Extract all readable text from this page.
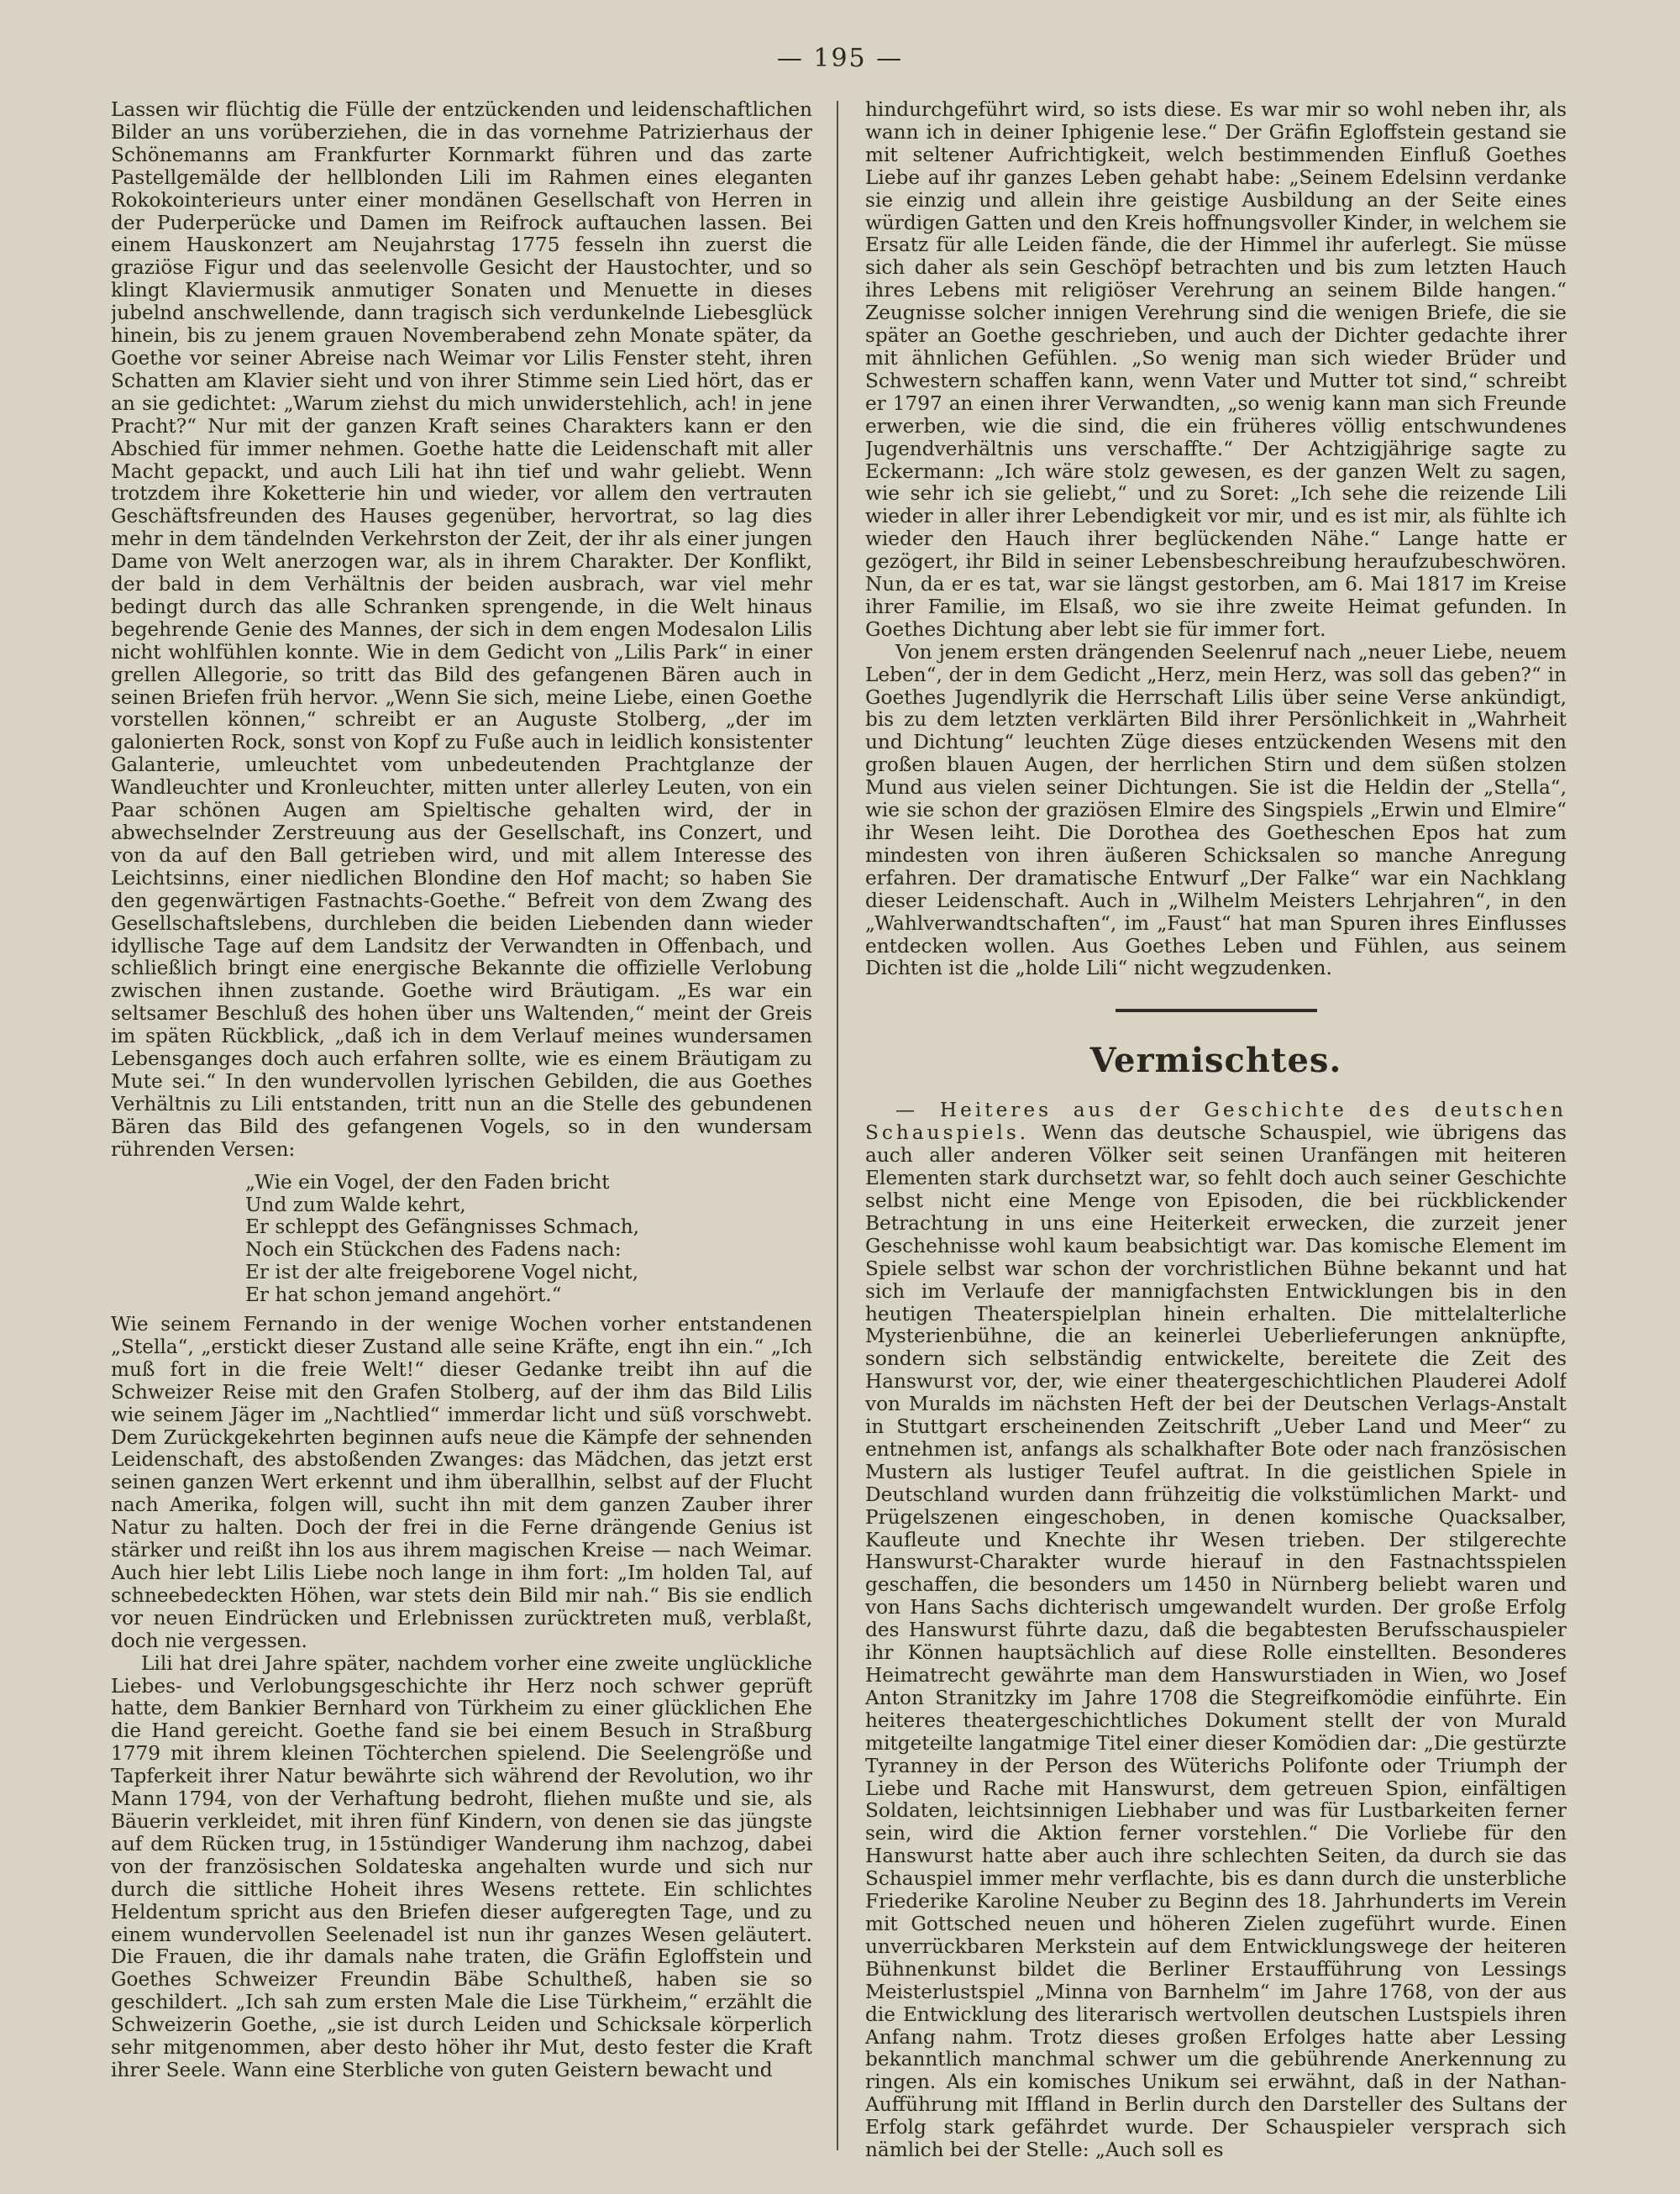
— 195 —

Lassen wir flüchtig die Fülle der entzückenden und leidenschaftlichen Bilder an uns vorüberziehen, die in das vornehme Patrizierhaus der Schönemanns am Frankfurter Kornmarkt führen und das zarte Pastellgemälde der hellblonden Lili im Rahmen eines eleganten Rokokointerieurs unter einer mondänen Gesellschaft von Herren in der Puderperücke und Damen im Reifrock auftauchen lassen. Bei einem Hauskonzert am Neujahrstag 1775 fesseln ihn zuerst die graziöse Figur und das seelenvolle Gesicht der Haustochter, und so klingt Klaviermusik anmutiger Sonaten und Menuette in dieses jubelnd anschwellende, dann tragisch sich verdunkelnde Liebesglück hinein, bis zu jenem grauen Novemberabend zehn Monate später, da Goethe vor seiner Abreise nach Weimar vor Lilis Fenster steht, ihren Schatten am Klavier sieht und von ihrer Stimme sein Lied hört, das er an sie gedichtet: „Warum ziehst du mich unwiderstehlich, ach! in jene Pracht?“ Nur mit der ganzen Kraft seines Charakters kann er den Abschied für immer nehmen. Goethe hatte die Leidenschaft mit aller Macht gepackt, und auch Lili hat ihn tief und wahr geliebt. Wenn trotzdem ihre Koketterie hin und wieder, vor allem den vertrauten Geschäftsfreunden des Hauses gegenüber, hervortrat, so lag dies mehr in dem tändelnden Verkehrston der Zeit, der ihr als einer jungen Dame von Welt anerzogen war, als in ihrem Charakter. Der Konflikt, der bald in dem Verhältnis der beiden ausbrach, war viel mehr bedingt durch das alle Schranken sprengende, in die Welt hinaus begehrende Genie des Mannes, der sich in dem engen Modesalon Lilis nicht wohlfühlen konnte. Wie in dem Gedicht von „Lilis Park“ in einer grellen Allegorie, so tritt das Bild des gefangenen Bären auch in seinen Briefen früh hervor. „Wenn Sie sich, meine Liebe, einen Goethe vorstellen können,“ schreibt er an Auguste Stolberg, „der im galonierten Rock, sonst von Kopf zu Fuße auch in leidlich konsistenter Galanterie, umleuchtet vom unbedeutenden Prachtglanze der Wandleuchter und Kronleuchter, mitten unter allerley Leuten, von ein Paar schönen Augen am Spieltische gehalten wird, der in abwechselnder Zerstreuung aus der Gesellschaft, ins Conzert, und von da auf den Ball getrieben wird, und mit allem Interesse des Leichtsinns, einer niedlichen Blondine den Hof macht; so haben Sie den gegenwärtigen Fastnachts-Goethe.“ Befreit von dem Zwang des Gesellschaftslebens, durchleben die beiden Liebenden dann wieder idyllische Tage auf dem Landsitz der Verwandten in Offenbach, und schließlich bringt eine energische Bekannte die offizielle Verlobung zwischen ihnen zustande. Goethe wird Bräutigam. „Es war ein seltsamer Beschluß des hohen über uns Waltenden,“ meint der Greis im späten Rückblick, „daß ich in dem Verlauf meines wundersamen Lebensganges doch auch erfahren sollte, wie es einem Bräutigam zu Mute sei.“ In den wundervollen lyrischen Gebilden, die aus Goethes Verhältnis zu Lili entstanden, tritt nun an die Stelle des gebundenen Bären das Bild des gefangenen Vogels, so in den wundersam rührenden Versen:

„Wie ein Vogel, der den Faden bricht
Und zum Walde kehrt,
Er schleppt des Gefängnisses Schmach,
Noch ein Stückchen des Fadens nach:
Er ist der alte freigeborene Vogel nicht,
Er hat schon jemand angehört.“

Wie seinem Fernando in der wenige Wochen vorher entstandenen „Stella“, „erstickt dieser Zustand alle seine Kräfte, engt ihn ein.“ „Ich muß fort in die freie Welt!“ dieser Gedanke treibt ihn auf die Schweizer Reise mit den Grafen Stolberg, auf der ihm das Bild Lilis wie seinem Jäger im „Nachtlied“ immerdar licht und süß vorschwebt. Dem Zurückgekehrten beginnen aufs neue die Kämpfe der sehnenden Leidenschaft, des abstoßenden Zwanges: das Mädchen, das jetzt erst seinen ganzen Wert erkennt und ihm überallhin, selbst auf der Flucht nach Amerika, folgen will, sucht ihn mit dem ganzen Zauber ihrer Natur zu halten. Doch der frei in die Ferne drängende Genius ist stärker und reißt ihn los aus ihrem magischen Kreise — nach Weimar. Auch hier lebt Lilis Liebe noch lange in ihm fort: „Im holden Tal, auf schneebedeckten Höhen, war stets dein Bild mir nah.“ Bis sie endlich vor neuen Eindrücken und Erlebnissen zurücktreten muß, verblaßt, doch nie vergessen.

Lili hat drei Jahre später, nachdem vorher eine zweite unglückliche Liebes- und Verlobungsgeschichte ihr Herz noch schwer geprüft hatte, dem Bankier Bernhard von Türkheim zu einer glücklichen Ehe die Hand gereicht. Goethe fand sie bei einem Besuch in Straßburg 1779 mit ihrem kleinen Töchterchen spielend. Die Seelengröße und Tapferkeit ihrer Natur bewährte sich während der Revolution, wo ihr Mann 1794, von der Verhaftung bedroht, fliehen mußte und sie, als Bäuerin verkleidet, mit ihren fünf Kindern, von denen sie das jüngste auf dem Rücken trug, in 15stündiger Wanderung ihm nachzog, dabei von der französischen Soldateska angehalten wurde und sich nur durch die sittliche Hoheit ihres Wesens rettete. Ein schlichtes Heldentum spricht aus den Briefen dieser aufgeregten Tage, und zu einem wundervollen Seelenadel ist nun ihr ganzes Wesen geläutert. Die Frauen, die ihr damals nahe traten, die Gräfin Egloffstein und Goethes Schweizer Freundin Bäbe Schultheß, haben sie so geschildert. „Ich sah zum ersten Male die Lise Türkheim,“ erzählt die Schweizerin Goethe, „sie ist durch Leiden und Schicksale körperlich sehr mitgenommen, aber desto höher ihr Mut, desto fester die Kraft ihrer Seele. Wann eine Sterbliche von guten Geistern bewacht und

hindurchgeführt wird, so ists diese. Es war mir so wohl neben ihr, als wann ich in deiner Iphigenie lese.“ Der Gräfin Egloffstein gestand sie mit seltener Aufrichtigkeit, welch bestimmenden Einfluß Goethes Liebe auf ihr ganzes Leben gehabt habe: „Seinem Edelsinn verdanke sie einzig und allein ihre geistige Ausbildung an der Seite eines würdigen Gatten und den Kreis hoffnungsvoller Kinder, in welchem sie Ersatz für alle Leiden fände, die der Himmel ihr auferlegt. Sie müsse sich daher als sein Geschöpf betrachten und bis zum letzten Hauch ihres Lebens mit religiöser Verehrung an seinem Bilde hangen.“ Zeugnisse solcher innigen Verehrung sind die wenigen Briefe, die sie später an Goethe geschrieben, und auch der Dichter gedachte ihrer mit ähnlichen Gefühlen. „So wenig man sich wieder Brüder und Schwestern schaffen kann, wenn Vater und Mutter tot sind,“ schreibt er 1797 an einen ihrer Verwandten, „so wenig kann man sich Freunde erwerben, wie die sind, die ein früheres völlig entschwundenes Jugendverhältnis uns verschaffte.“ Der Achtzigjährige sagte zu Eckermann: „Ich wäre stolz gewesen, es der ganzen Welt zu sagen, wie sehr ich sie geliebt,“ und zu Soret: „Ich sehe die reizende Lili wieder in aller ihrer Lebendigkeit vor mir, und es ist mir, als fühlte ich wieder den Hauch ihrer beglückenden Nähe.“ Lange hatte er gezögert, ihr Bild in seiner Lebensbeschreibung heraufzubeschwören. Nun, da er es tat, war sie längst gestorben, am 6. Mai 1817 im Kreise ihrer Familie, im Elsaß, wo sie ihre zweite Heimat gefunden. In Goethes Dichtung aber lebt sie für immer fort.

Von jenem ersten drängenden Seelenruf nach „neuer Liebe, neuem Leben“, der in dem Gedicht „Herz, mein Herz, was soll das geben?“ in Goethes Jugendlyrik die Herrschaft Lilis über seine Verse ankündigt, bis zu dem letzten verklärten Bild ihrer Persönlichkeit in „Wahrheit und Dichtung“ leuchten Züge dieses entzückenden Wesens mit den großen blauen Augen, der herrlichen Stirn und dem süßen stolzen Mund aus vielen seiner Dichtungen. Sie ist die Heldin der „Stella“, wie sie schon der graziösen Elmire des Singspiels „Erwin und Elmire“ ihr Wesen leiht. Die Dorothea des Goetheschen Epos hat zum mindesten von ihren äußeren Schicksalen so manche Anregung erfahren. Der dramatische Entwurf „Der Falke“ war ein Nachklang dieser Leidenschaft. Auch in „Wilhelm Meisters Lehrjahren“, in den „Wahlverwandtschaften“, im „Faust“ hat man Spuren ihres Einflusses entdecken wollen. Aus Goethes Leben und Fühlen, aus seinem Dichten ist die „holde Lili“ nicht wegzudenken.

Vermischtes.

— Heiteres aus der Geschichte des deutschen Schauspiels. Wenn das deutsche Schauspiel, wie übrigens das auch aller anderen Völker seit seinen Uranfängen mit heiteren Elementen stark durchsetzt war, so fehlt doch auch seiner Geschichte selbst nicht eine Menge von Episoden, die bei rückblickender Betrachtung in uns eine Heiterkeit erwecken, die zurzeit jener Geschehnisse wohl kaum beabsichtigt war. Das komische Element im Spiele selbst war schon der vorchristlichen Bühne bekannt und hat sich im Verlaufe der mannigfachsten Entwicklungen bis in den heutigen Theaterspielplan hinein erhalten. Die mittelalterliche Mysterienbühne, die an keinerlei Ueberlieferungen anknüpfte, sondern sich selbständig entwickelte, bereitete die Zeit des Hanswurst vor, der, wie einer theatergeschichtlichen Plauderei Adolf von Muralds im nächsten Heft der bei der Deutschen Verlags-Anstalt in Stuttgart erscheinenden Zeitschrift „Ueber Land und Meer“ zu entnehmen ist, anfangs als schalkhafter Bote oder nach französischen Mustern als lustiger Teufel auftrat. In die geistlichen Spiele in Deutschland wurden dann frühzeitig die volkstümlichen Markt- und Prügelszenen eingeschoben, in denen komische Quacksalber, Kaufleute und Knechte ihr Wesen trieben. Der stilgerechte Hanswurst-Charakter wurde hierauf in den Fastnachtsspielen geschaffen, die besonders um 1450 in Nürnberg beliebt waren und von Hans Sachs dichterisch umgewandelt wurden. Der große Erfolg des Hanswurst führte dazu, daß die begabtesten Berufsschauspieler ihr Können hauptsächlich auf diese Rolle einstellten. Besonderes Heimatrecht gewährte man dem Hanswurstiaden in Wien, wo Josef Anton Stranitzky im Jahre 1708 die Stegreifkomödie einführte. Ein heiteres theatergeschichtliches Dokument stellt der von Murald mitgeteilte langatmige Titel einer dieser Komödien dar: „Die gestürzte Tyranney in der Person des Wüterichs Polifonte oder Triumph der Liebe und Rache mit Hanswurst, dem getreuen Spion, einfältigen Soldaten, leichtsinnigen Liebhaber und was für Lustbarkeiten ferner sein, wird die Aktion ferner vorstehlen.“ Die Vorliebe für den Hanswurst hatte aber auch ihre schlechten Seiten, da durch sie das Schauspiel immer mehr verflachte, bis es dann durch die unsterbliche Friederike Karoline Neuber zu Beginn des 18. Jahrhunderts im Verein mit Gottsched neuen und höheren Zielen zugeführt wurde. Einen unverrückbaren Merkstein auf dem Entwicklungswege der heiteren Bühnenkunst bildet die Berliner Erstaufführung von Lessings Meisterlustspiel „Minna von Barnhelm“ im Jahre 1768, von der aus die Entwicklung des literarisch wertvollen deutschen Lustspiels ihren Anfang nahm. Trotz dieses großen Erfolges hatte aber Lessing bekanntlich manchmal schwer um die gebührende Anerkennung zu ringen. Als ein komisches Unikum sei erwähnt, daß in der Nathan-Aufführung mit Iffland in Berlin durch den Darsteller des Sultans der Erfolg stark gefährdet wurde. Der Schauspieler versprach sich nämlich bei der Stelle: „Auch soll es
